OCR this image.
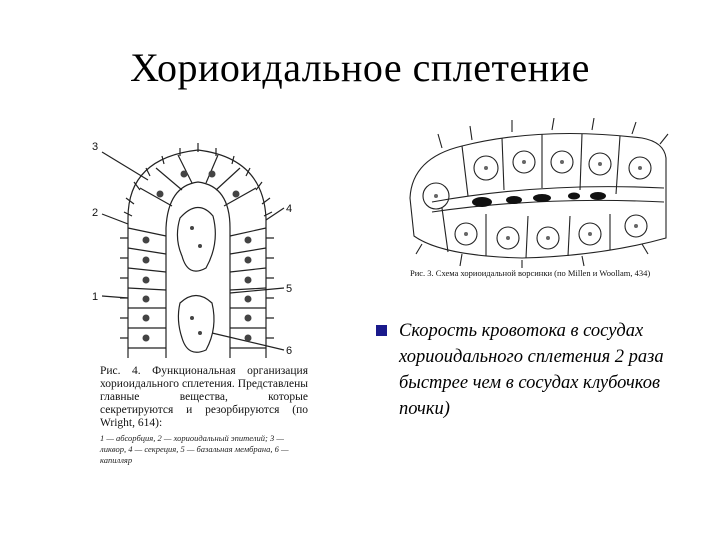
Хориоидальное сплетение
3
2
1
4
5
6
Рис. 4. Функциональная организация хориоидального сплетения. Представлены главные вещества, которые секретируются и резорбируются (по Wright, 614):
1 — абсорбция, 2 — хориоидальный эпителий; 3 — ликвор, 4 — секреция, 5 — базальная мембрана, 6 — капилляр
Рис. 3. Схема хориоидальной ворсинки (по Millen и Woollam, 434)
Скорость кровотока в сосудах хориоидального сплетения 2 раза быстрее чем в сосудах клубочков почки)
